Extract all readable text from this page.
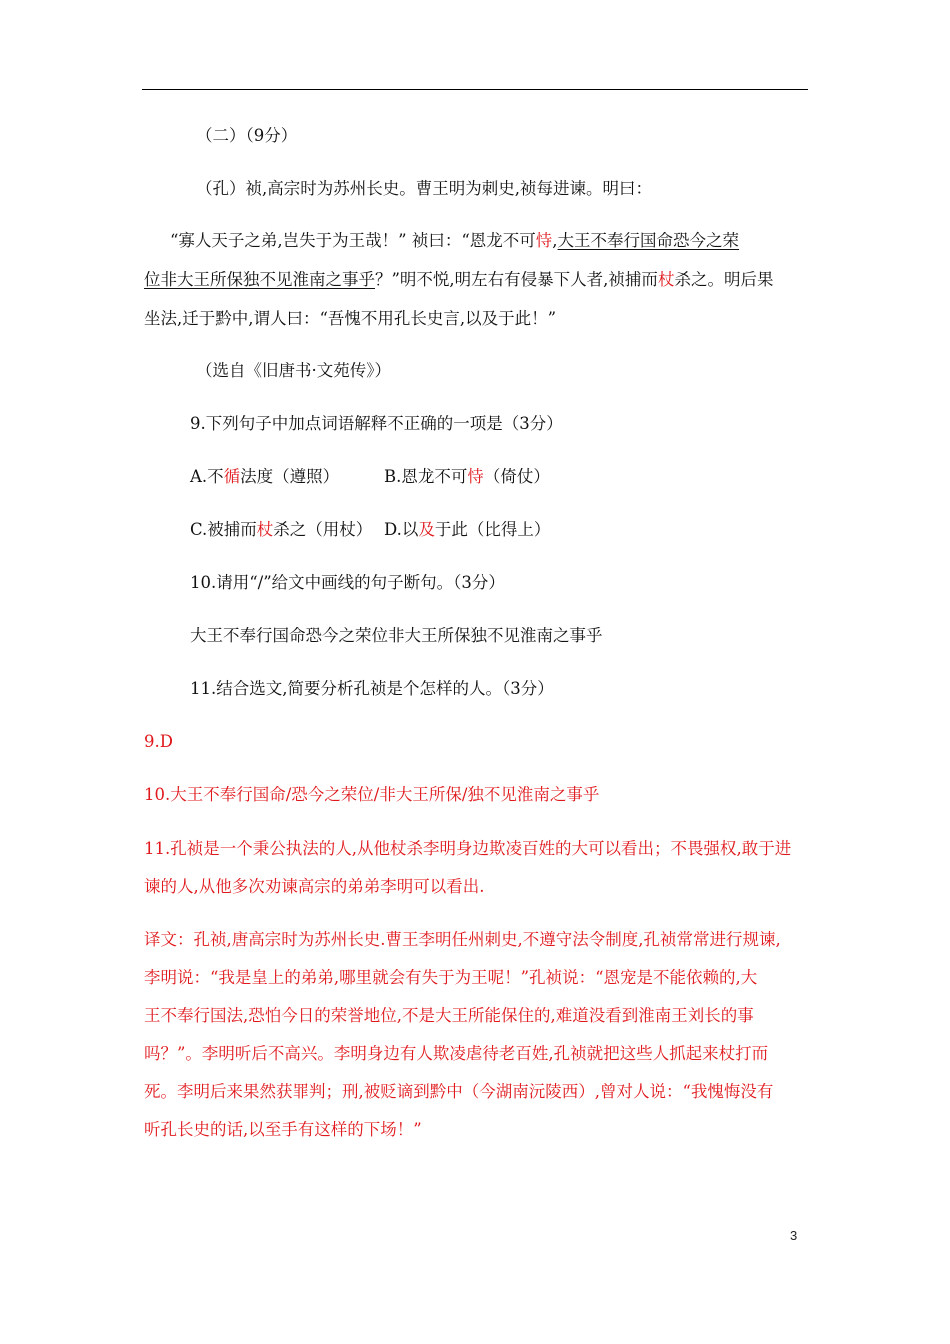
（二）（9分）
（孔）祯,高宗时为苏州长史。曹王明为刺史,祯每进谏。明曰：
“寡人天子之弟,岂失于为王哉！” 祯曰：“恩龙不可恃,大王不奉行国命恐今之荣
位非大王所保独不见淮南之事乎？”明不悦,明左右有侵暴下人者,祯捕而杖杀之。明后果
坐法,迁于黔中,谓人曰：“吾愧不用孔长史言,以及于此！”
（选自《旧唐书·文苑传》）
9.下列句子中加点词语解释不正确的一项是（3分）
A.不循法度（遵照）	B.恩龙不可恃（倚仗）
C.被捕而杖杀之（用杖） D.以及于此（比得上）
10.请用“/”给文中画线的句子断句。（3分）
大王不奉行国命恐今之荣位非大王所保独不见淮南之事乎
11.结合选文,简要分析孔祯是个怎样的人。（3分）
9.D
10.大王不奉行国命/恐今之荣位/非大王所保/独不见淮南之事乎
11.孔祯是一个秉公执法的人,从他杖杀李明身边欺凌百姓的大可以看出；不畏强权,敢于进
谏的人,从他多次劝谏高宗的弟弟李明可以看出.
译文：孔祯,唐高宗时为苏州长史.曹王李明任州刺史,不遵守法令制度,孔祯常常进行规谏,
李明说：“我是皇上的弟弟,哪里就会有失于为王呢！”孔祯说：“恩宠是不能依赖的,大
王不奉行国法,恐怕今日的荣誉地位,不是大王所能保住的,难道没看到淮南王刘长的事
吗？”。李明听后不高兴。李明身边有人欺凌虐待老百姓,孔祯就把这些人抓起来杖打而
死。李明后来果然获罪判；刑,被贬谪到黔中（今湖南沅陵西）,曾对人说：“我愧悔没有
听孔长史的话,以至手有这样的下场！”
3
